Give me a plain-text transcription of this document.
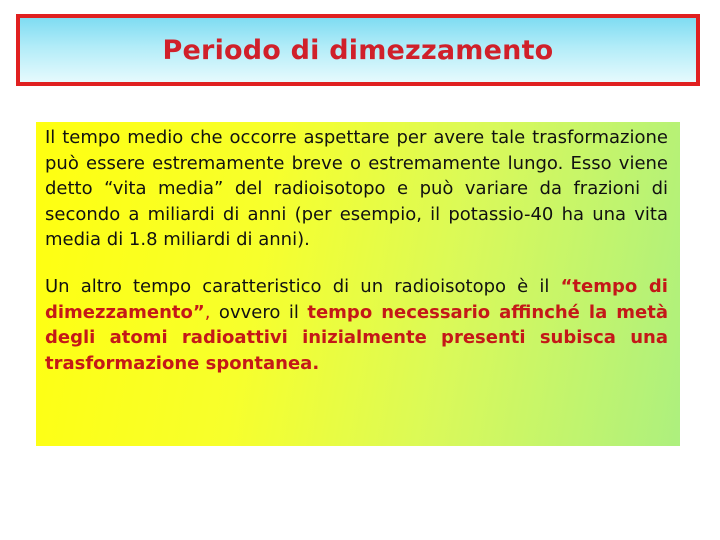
Periodo di dimezzamento

Il tempo medio che occorre aspettare per avere tale trasformazione può essere estremamente breve o estremamente lungo. Esso viene detto “vita media” del radioisotopo e può variare da frazioni di secondo a miliardi di anni (per esempio, il potassio-40 ha una vita media di 1.8 miliardi di anni).

Un altro tempo caratteristico di un radioisotopo è il “tempo di dimezzamento”, ovvero il tempo necessario affinché la metà degli atomi radioattivi inizialmente presenti subisca una trasformazione spontanea.
